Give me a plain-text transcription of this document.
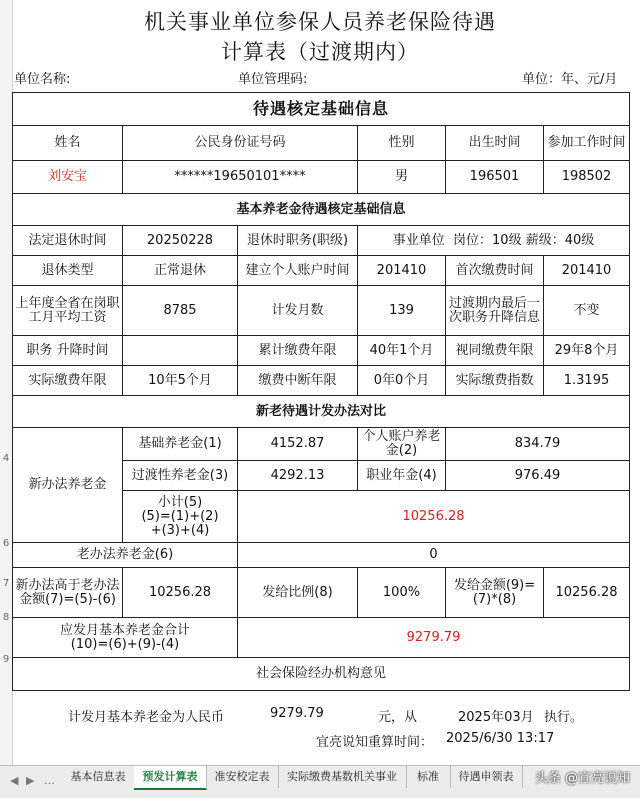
4
6
7
8
9
机关事业单位参保人员养老保险待遇
计算表（过渡期内）
单位名称:	单位管理码:	单位：年、元/月
待遇核定基础信息					
姓名	公民身份证号码		性别	出生时间	参加工作时间
刘安宝	******19650101****		男	196501	198502
基本养老金待遇核定基础信息					
法定退休时间	20250228	退休时职务(职级)	事业单位  岗位：10级 薪级：40级		
退休类型	正常退休	建立个人账户时间	201410	首次缴费时间	201410
上年度全省在岗职工月平均工资	8785	计发月数	139	过渡期内最后一次职务升降信息	不变
职务 升降时间		累计缴费年限	40年1个月	视同缴费年限	29年8个月
实际缴费年限	10年5个月	缴费中断年限	0年0个月	实际缴费指数	1.3195
新老待遇计发办法对比					
新办法养老金	基础养老金(1)	4152.87	个人账户养老金(2)	834.79	
	过渡性养老金(3)	4292.13	职业年金(4)	976.49	

	小计(5)
(5)=(1)+(2)
+(3)+(4)	10256.28			
老办法养老金(6)		0			
新办法高于老办法金额(7)=(5)-(6)	10256.28	发给比例(8)	100%	发给金额(9)=(7)*(8)	10256.28

应发月基本养老金合计
(10)=(6)+(9)-(4)		9279.79			
社会保险经办机构意见					
计发月基本养老金为人民币	9279.79	元，从	2025年03月 执行。
宜亮说知重算时间： 2025/6/30 13:17
◀ ▶ …	基本信息表	预发计算表	准安校定表	实际缴费基数机关事业	标准	待遇申领表	头条 @宜亮说知
